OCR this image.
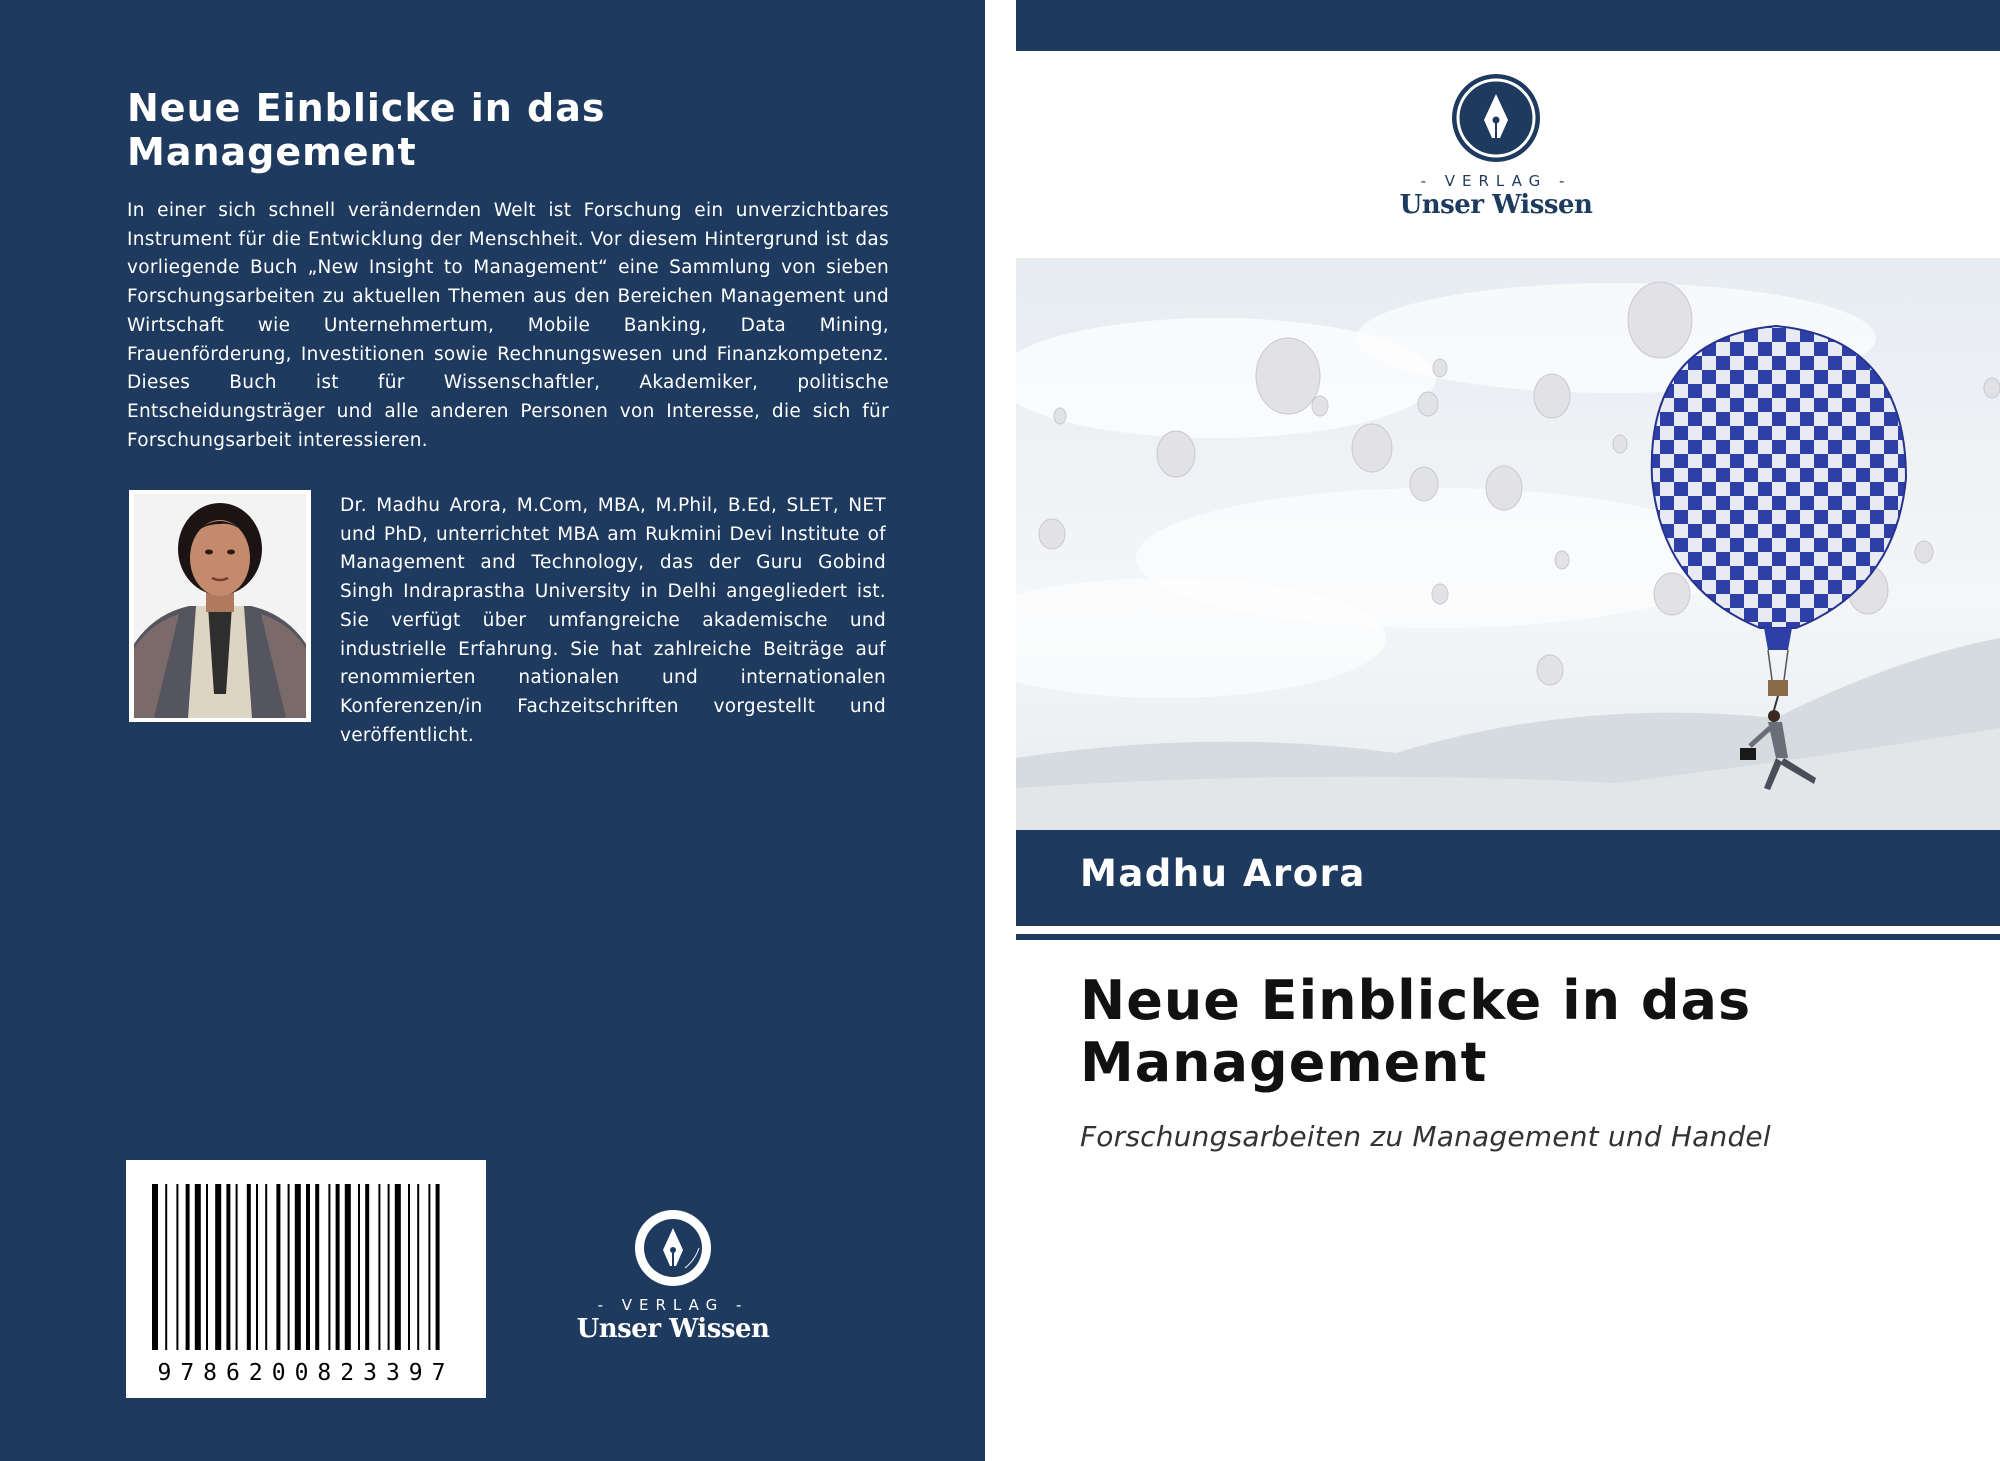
Neue Einblicke in das Management
In einer sich schnell verändernden Welt ist Forschung ein unverzichtbares Instrument für die Entwicklung der Menschheit. Vor diesem Hintergrund ist das vorliegende Buch „New Insight to Management“ eine Sammlung von sieben Forschungsarbeiten zu aktuellen Themen aus den Bereichen Management und Wirtschaft wie Unternehmertum, Mobile Banking, Data Mining, Frauenförderung, Investitionen sowie Rechnungswesen und Finanzkompetenz. Dieses Buch ist für Wissenschaftler, Akademiker, politische Entscheidungsträger und alle anderen Personen von Interesse, die sich für Forschungsarbeit interessieren.
Dr. Madhu Arora, M.Com, MBA, M.Phil, B.Ed, SLET, NET und PhD, unterrichtet MBA am Rukmini Devi Institute of Management and Technology, das der Guru Gobind Singh Indraprastha University in Delhi angegliedert ist. Sie verfügt über umfangreiche akademische und industrielle Erfahrung. Sie hat zahlreiche Beiträge auf renommierten nationalen und internationalen Konferenzen/in Fachzeitschriften vorgestellt und veröffentlicht.
9786200823397
- VERLAG -
Unser Wissen
- VERLAG -
Unser Wissen
Madhu Arora
Neue Einblicke in das Management
Forschungsarbeiten zu Management und Handel
